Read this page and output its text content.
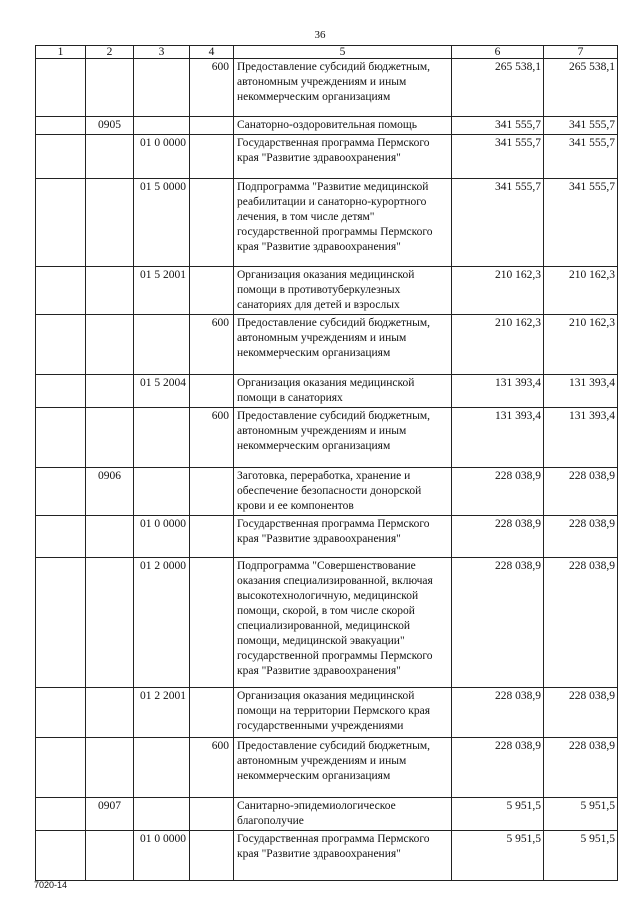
36
1	2	3	4	5	6	7
			600	Предоставление субсидий бюджетным, автономным учреждениям и иным некоммерческим организациям	265 538,1	265 538,1
	0905			Санаторно-оздоровительная помощь	341 555,7	341 555,7
		01 0 0000		Государственная программа Пермского края "Развитие здравоохранения"	341 555,7	341 555,7
		01 5 0000		Подпрограмма "Развитие медицинской реабилитации и санаторно-курортного лечения, в том числе детям" государственной программы Пермского края "Развитие здравоохранения"	341 555,7	341 555,7
		01 5 2001		Организация оказания медицинской помощи в противотуберкулезных санаториях для детей и взрослых	210 162,3	210 162,3
			600	Предоставление субсидий бюджетным, автономным учреждениям и иным некоммерческим организациям	210 162,3	210 162,3
		01 5 2004		Организация оказания медицинской помощи в санаториях	131 393,4	131 393,4
			600	Предоставление субсидий бюджетным, автономным учреждениям и иным некоммерческим организациям	131 393,4	131 393,4
	0906			Заготовка, переработка, хранение и обеспечение безопасности донорской крови и ее компонентов	228 038,9	228 038,9
		01 0 0000		Государственная программа Пермского края "Развитие здравоохранения"	228 038,9	228 038,9
		01 2 0000		Подпрограмма "Совершенствование оказания специализированной, включая высокотехнологичную, медицинской помощи, скорой, в том числе скорой специализированной, медицинской помощи, медицинской эвакуации" государственной программы Пермского края "Развитие здравоохранения"	228 038,9	228 038,9
		01 2 2001		Организация оказания медицинской помощи на территории Пермского края государственными учреждениями	228 038,9	228 038,9
			600	Предоставление субсидий бюджетным, автономным учреждениям и иным некоммерческим организациям	228 038,9	228 038,9
	0907			Санитарно-эпидемиологическое благополучие	5 951,5	5 951,5
		01 0 0000		Государственная программа Пермского края "Развитие здравоохранения"	5 951,5	5 951,5
7020-14
